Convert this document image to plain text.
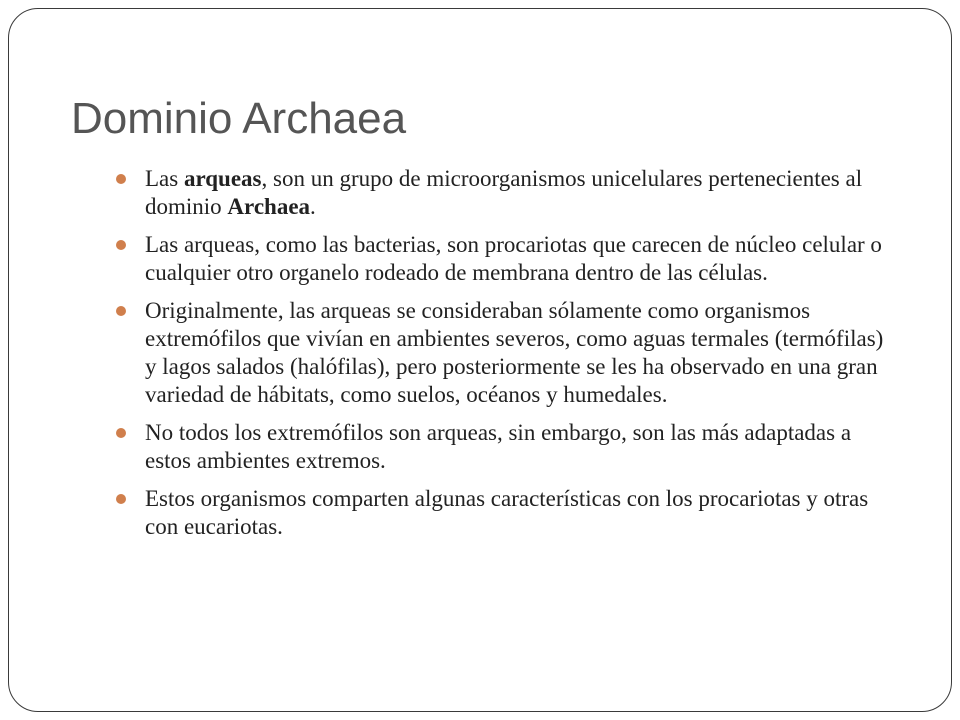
Dominio Archaea
Las arqueas, son un grupo de microorganismos unicelulares pertenecientes al dominio Archaea.
Las arqueas, como las bacterias, son procariotas que carecen de núcleo celular o cualquier otro organelo rodeado de membrana dentro de las células.
Originalmente, las arqueas se consideraban sólamente como organismos extremófilos que vivían en ambientes severos, como aguas termales (termófilas) y lagos salados (halófilas), pero posteriormente se les ha observado en una gran variedad de hábitats, como suelos, océanos y humedales.
No todos los extremófilos son arqueas, sin embargo, son las más adaptadas a estos ambientes extremos.
Estos organismos comparten algunas características con los procariotas y otras con eucariotas.
